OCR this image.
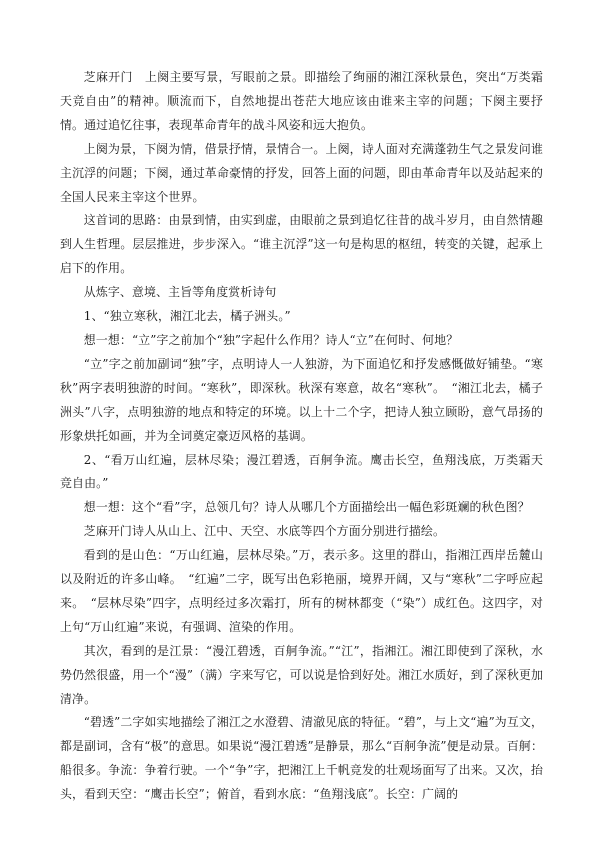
芝麻开门　上阕主要写景，写眼前之景。即描绘了绚丽的湘江深秋景色，突出“万类霜天竞自由”的精神。顺流而下，自然地提出苍茫大地应该由谁来主宰的问题；下阕主要抒情。通过追忆往事，表现革命青年的战斗风姿和远大抱负。

上阕为景，下阕为情，借景抒情，景情合一。上阕，诗人面对充满蓬勃生气之景发问谁主沉浮的问题；下阕，通过革命豪情的抒发，回答上面的问题，即由革命青年以及站起来的全国人民来主宰这个世界。

这首词的思路：由景到情，由实到虚，由眼前之景到追忆往昔的战斗岁月，由自然情趣到人生哲理。层层推进，步步深入。“谁主沉浮”这一句是构思的枢纽，转变的关键，起承上启下的作用。

从炼字、意境、主旨等角度赏析诗句

1、“独立寒秋，湘江北去，橘子洲头。”

想一想：“立”字之前加个“独”字起什么作用？诗人“立”在何时、何地？

“立”字之前加副词“独”字，点明诗人一人独游，为下面追忆和抒发感慨做好铺垫。“寒秋”两字表明独游的时间。“寒秋”，即深秋。秋深有寒意，故名“寒秋”。　“湘江北去，橘子洲头”八字，点明独游的地点和特定的环境。以上十二个字，把诗人独立顾盼，意气昂扬的形象烘托如画，并为全词奠定豪迈风格的基调。

2、“看万山红遍，层林尽染；漫江碧透，百舸争流。鹰击长空，鱼翔浅底，万类霜天竞自由。”

想一想：这个“看”字，总领几句？诗人从哪几个方面描绘出一幅色彩斑斓的秋色图？

芝麻开门诗人从山上、江中、天空、水底等四个方面分别进行描绘。

看到的是山色：“万山红遍，层林尽染。”万，表示多。这里的群山，指湘江西岸岳麓山以及附近的许多山峰。　“红遍”二字，既写出色彩艳丽，境界开阔，又与“寒秋”二字呼应起来。　“层林尽染”四字，点明经过多次霜打，所有的树林都变（“染”）成红色。这四字，对上句“万山红遍”来说，有强调、渲染的作用。

其次，看到的是江景：“漫江碧透，百舸争流。”“江”，指湘江。湘江即使到了深秋，水势仍然很盛，用一个“漫”（满）字来写它，可以说是恰到好处。湘江水质好，到了深秋更加清净。

“碧透”二字如实地描绘了湘江之水澄碧、清澈见底的特征。“碧”，与上文“遍”为互文，都是副词，含有“极”的意思。如果说“漫江碧透”是静景，那么“百舸争流”便是动景。百舸：船很多。争流：争着行驶。一个“争”字，把湘江上千帆竞发的壮观场面写了出来。又次，抬头，看到天空：“鹰击长空”；俯首，看到水底：“鱼翔浅底”。长空：广阔的
